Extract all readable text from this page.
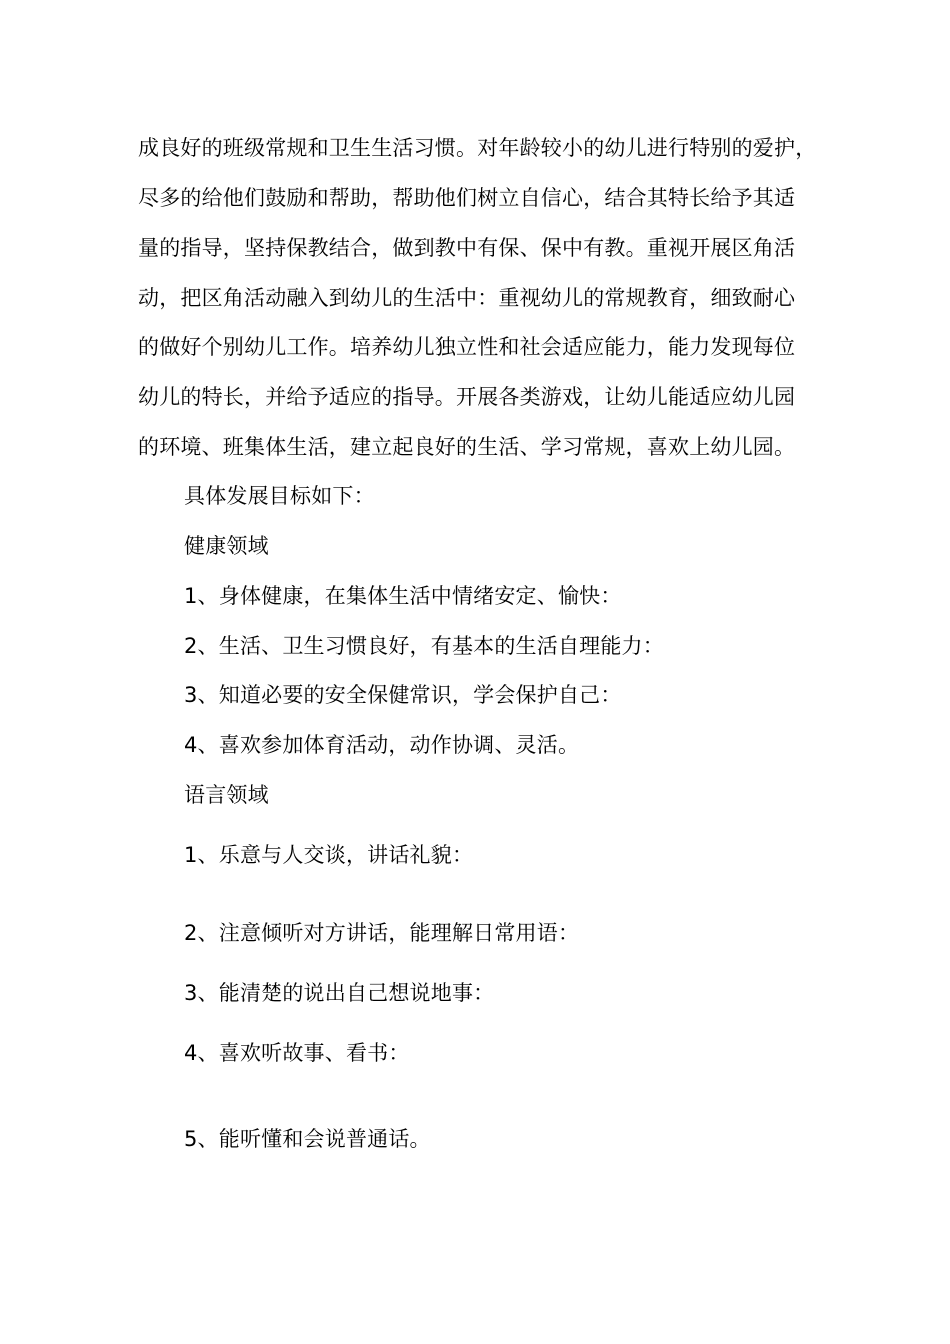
成良好的班级常规和卫生生活习惯。对年龄较小的幼儿进行特别的爱护，
尽多的给他们鼓励和帮助，帮助他们树立自信心，结合其特长给予其适
量的指导，坚持保教结合，做到教中有保、保中有教。重视开展区角活
动，把区角活动融入到幼儿的生活中：重视幼儿的常规教育，细致耐心
的做好个别幼儿工作。培养幼儿独立性和社会适应能力，能力发现每位
幼儿的特长，并给予适应的指导。开展各类游戏，让幼儿能适应幼儿园
的环境、班集体生活，建立起良好的生活、学习常规，喜欢上幼儿园。
具体发展目标如下：
健康领域
1、身体健康，在集体生活中情绪安定、愉快：
2、生活、卫生习惯良好，有基本的生活自理能力：
3、知道必要的安全保健常识，学会保护自己：
4、喜欢参加体育活动，动作协调、灵活。
语言领域
1、乐意与人交谈，讲话礼貌：
2、注意倾听对方讲话，能理解日常用语：
3、能清楚的说出自己想说地事：
4、喜欢听故事、看书：
5、能听懂和会说普通话。
